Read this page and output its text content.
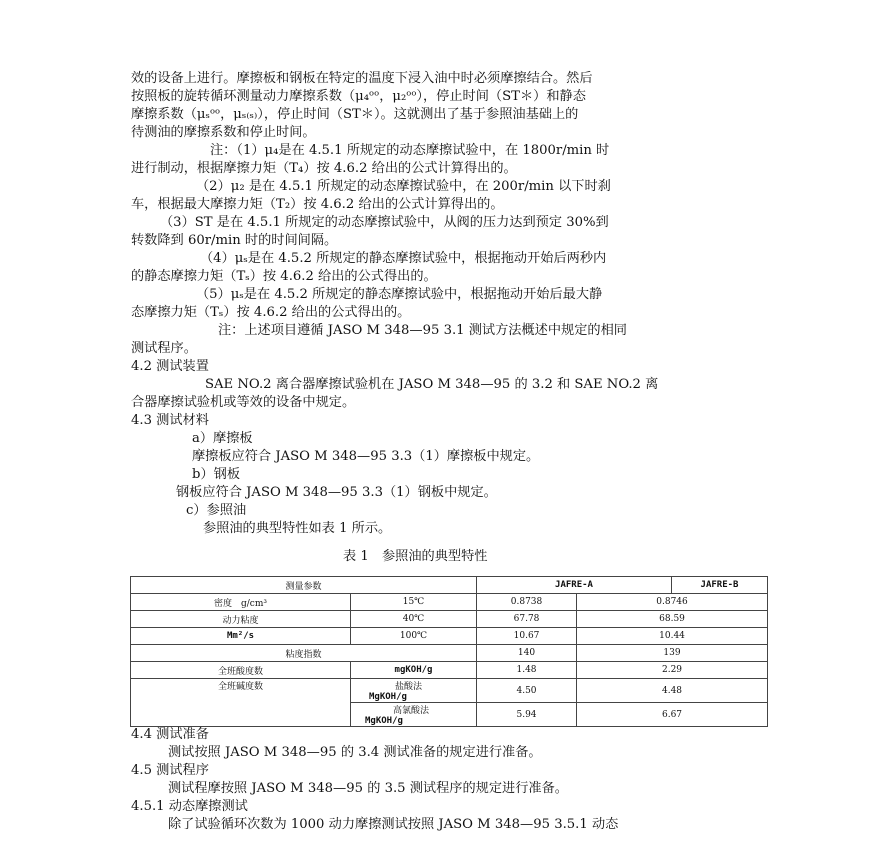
效的设备上进行。摩擦板和钢板在特定的温度下浸入油中时必须摩擦结合。然后
按照板的旋转循环测量动力摩擦系数（μ₄ᵒᵒ，μ₂ᵒᵒ），停止时间（ST＊）和静态
摩擦系数（μₛᵒᵒ，μₛ₍ₛ₎），停止时间（ST＊）。这就测出了基于参照油基础上的
待测油的摩擦系数和停止时间。
注：（1）μ₄是在 4.5.1 所规定的动态摩擦试验中，在 1800r/min 时
进行制动，根据摩擦力矩（T₄）按 4.6.2 给出的公式计算得出的。
（2）μ₂ 是在 4.5.1 所规定的动态摩擦试验中，在 200r/min 以下时刹
车，根据最大摩擦力矩（T₂）按 4.6.2 给出的公式计算得出的。
（3）ST 是在 4.5.1 所规定的动态摩擦试验中，从阀的压力达到预定 30%到
转数降到 60r/min 时的时间间隔。
（4）μₛ是在 4.5.2 所规定的静态摩擦试验中，根据拖动开始后两秒内
的静态摩擦力矩（Tₛ）按 4.6.2 给出的公式得出的。
（5）μₛ是在 4.5.2 所规定的静态摩擦试验中，根据拖动开始后最大静
态摩擦力矩（Tₛ）按 4.6.2 给出的公式得出的。
注：上述项目遵循 JASO M 348—95 3.1 测试方法概述中规定的相同
测试程序。
4.2 测试装置
SAE NO.2 离合器摩擦试验机在 JASO M 348—95 的 3.2 和 SAE NO.2 离
合器摩擦试验机或等效的设备中规定。
4.3 测试材料
a）摩擦板
摩擦板应符合 JASO M 348—95 3.3（1）摩擦板中规定。
b）钢板
钢板应符合 JASO M 348—95 3.3（1）钢板中规定。
c）参照油
参照油的典型特性如表 1 所示。
表 1　参照油的典型特性
测量参数		JAFRE-A		JAFRE-B
密度　g/cm³	15℃	0.8738	0.8746	
动力粘度	40℃	67.78	68.59	
Mm²/s	100℃	10.67	10.44	
粘度指数		140	139	
全班酸度数	mgKOH/g	1.48	2.29	
全班碱度数	盐酸法 MgKOH/g	4.50	4.48	
	高氯酸法 MgKOH/g	5.94	6.67	
4.4 测试准备
测试按照 JASO M 348—95 的 3.4 测试准备的规定进行准备。
4.5 测试程序
测试程摩按照 JASO M 348—95 的 3.5 测试程序的规定进行准备。
4.5.1 动态摩擦测试
除了试验循环次数为 1000 动力摩擦测试按照 JASO M 348—95 3.5.1 动态
